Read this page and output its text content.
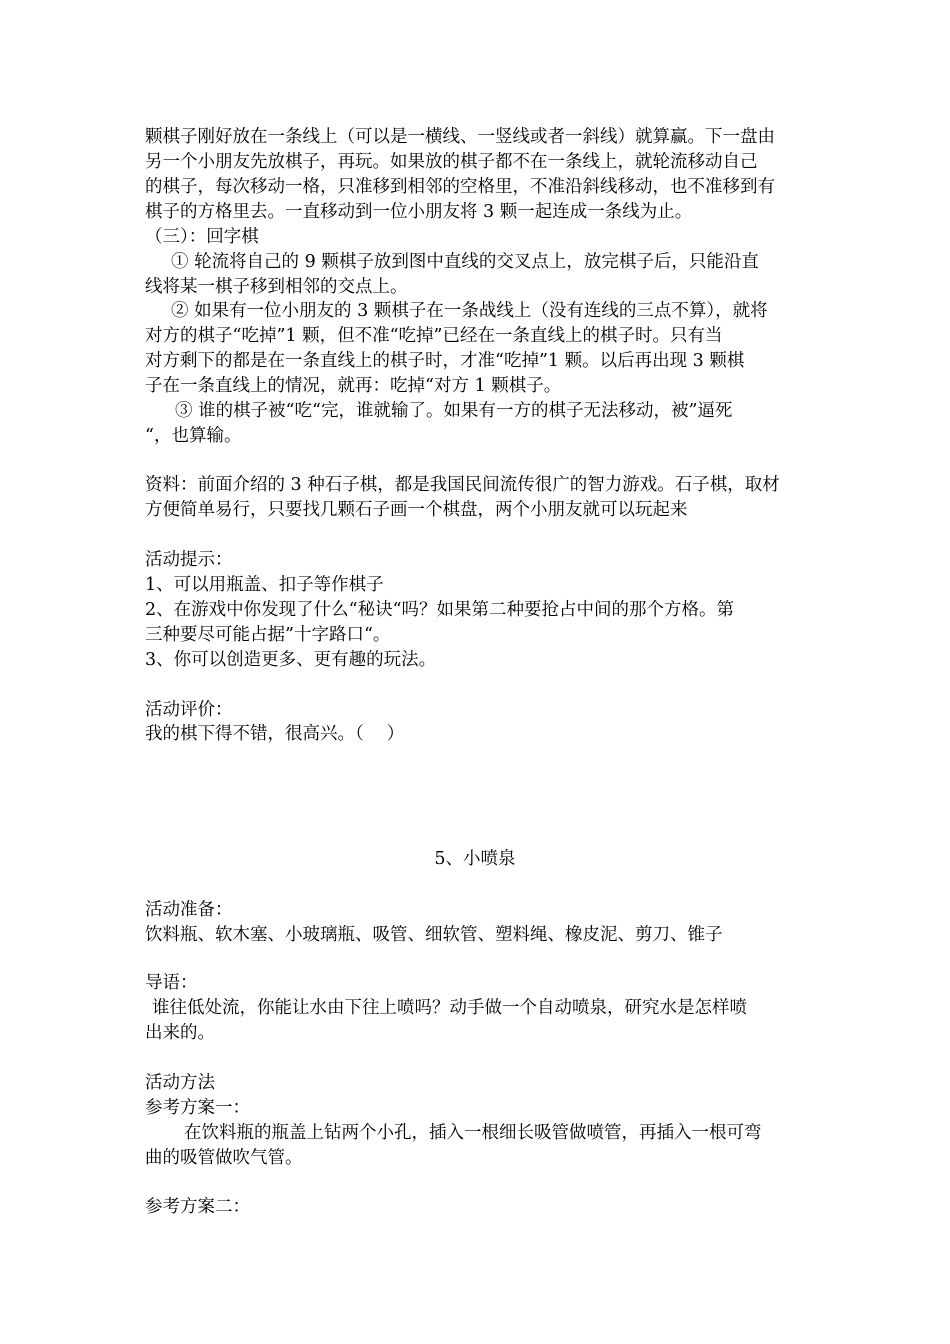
颗棋子刚好放在一条线上（可以是一横线、一竖线或者一斜线）就算赢。下一盘由
另一个小朋友先放棋子，再玩。如果放的棋子都不在一条线上，就轮流移动自己
的棋子，每次移动一格，只准移到相邻的空格里，不准沿斜线移动，也不准移到有
棋子的方格里去。一直移动到一位小朋友将 3 颗一起连成一条线为止。
（三）：回字棋
① 轮流将自己的 9 颗棋子放到图中直线的交叉点上，放完棋子后，只能沿直
线将某一棋子移到相邻的交点上。
② 如果有一位小朋友的 3 颗棋子在一条战线上（没有连线的三点不算），就将
对方的棋子“吃掉”1 颗，但不准“吃掉”已经在一条直线上的棋子时。只有当
对方剩下的都是在一条直线上的棋子时，才准“吃掉”1 颗。以后再出现 3 颗棋
子在一条直线上的情况，就再：吃掉“对方 1 颗棋子。
③ 谁的棋子被“吃“完，谁就输了。如果有一方的棋子无法移动，被”逼死
“，也算输。
资料：前面介绍的 3 种石子棋，都是我国民间流传很广的智力游戏。石子棋，取材
方便简单易行，只要找几颗石子画一个棋盘，两个小朋友就可以玩起来
活动提示：
1、可以用瓶盖、扣子等作棋子
2、在游戏中你发现了什么“秘诀“吗？如果第二种要抢占中间的那个方格。第
三种要尽可能占据”十字路口“。
3、你可以创造更多、更有趣的玩法。
活动评价：
我的棋下得不错，很高兴。（　 ）
5、小喷泉
活动准备：
饮料瓶、软木塞、小玻璃瓶、吸管、细软管、塑料绳、橡皮泥、剪刀、锥子
导语：
谁往低处流，你能让水由下往上喷吗？动手做一个自动喷泉，研究水是怎样喷
出来的。
活动方法
参考方案一：
在饮料瓶的瓶盖上钻两个小孔，插入一根细长吸管做喷管，再插入一根可弯
曲的吸管做吹气管。
参考方案二：
